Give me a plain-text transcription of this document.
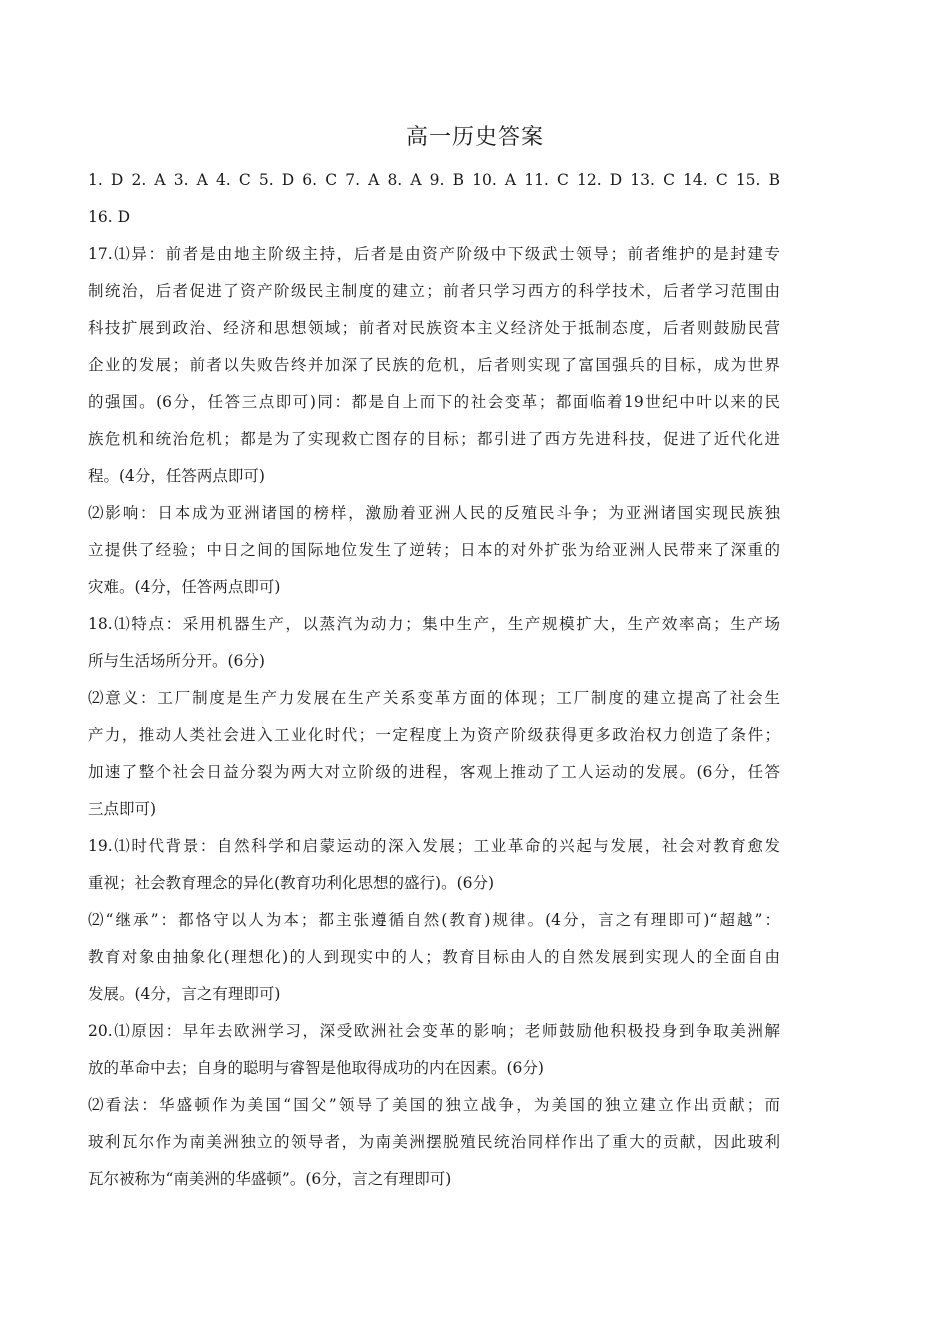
高一历史答案
1. D 2. A 3. A 4. C 5. D 6. C 7. A 8. A 9. B 10. A 11. C 12. D 13. C 14. C 15. B
16. D
17.⑴异：前者是由地主阶级主持，后者是由资产阶级中下级武士领导；前者维护的是封建专
制统治，后者促进了资产阶级民主制度的建立；前者只学习西方的科学技术，后者学习范围由
科技扩展到政治、经济和思想领域；前者对民族资本主义经济处于抵制态度，后者则鼓励民营
企业的发展；前者以失败告终并加深了民族的危机，后者则实现了富国强兵的目标，成为世界
的强国。(6分，任答三点即可)同：都是自上而下的社会变革；都面临着19世纪中叶以来的民
族危机和统治危机；都是为了实现救亡图存的目标；都引进了西方先进科技，促进了近代化进
程。(4分，任答两点即可)
⑵影响：日本成为亚洲诸国的榜样，激励着亚洲人民的反殖民斗争；为亚洲诸国实现民族独
立提供了经验；中日之间的国际地位发生了逆转；日本的对外扩张为给亚洲人民带来了深重的
灾难。(4分，任答两点即可)
18.⑴特点：采用机器生产，以蒸汽为动力；集中生产，生产规模扩大，生产效率高；生产场
所与生活场所分开。(6分)
⑵意义：工厂制度是生产力发展在生产关系变革方面的体现；工厂制度的建立提高了社会生
产力，推动人类社会进入工业化时代；一定程度上为资产阶级获得更多政治权力创造了条件；
加速了整个社会日益分裂为两大对立阶级的进程，客观上推动了工人运动的发展。(6分，任答
三点即可)
19.⑴时代背景：自然科学和启蒙运动的深入发展；工业革命的兴起与发展，社会对教育愈发
重视；社会教育理念的异化(教育功利化思想的盛行)。(6分)
⑵“继承”：都恪守以人为本；都主张遵循自然(教育)规律。(4分，言之有理即可)“超越”：
教育对象由抽象化(理想化)的人到现实中的人；教育目标由人的自然发展到实现人的全面自由
发展。(4分，言之有理即可)
20.⑴原因：早年去欧洲学习，深受欧洲社会变革的影响；老师鼓励他积极投身到争取美洲解
放的革命中去；自身的聪明与睿智是他取得成功的内在因素。(6分)
⑵看法：华盛顿作为美国“国父”领导了美国的独立战争，为美国的独立建立作出贡献；而
玻利瓦尔作为南美洲独立的领导者，为南美洲摆脱殖民统治同样作出了重大的贡献，因此玻利
瓦尔被称为“南美洲的华盛顿”。(6分，言之有理即可)
